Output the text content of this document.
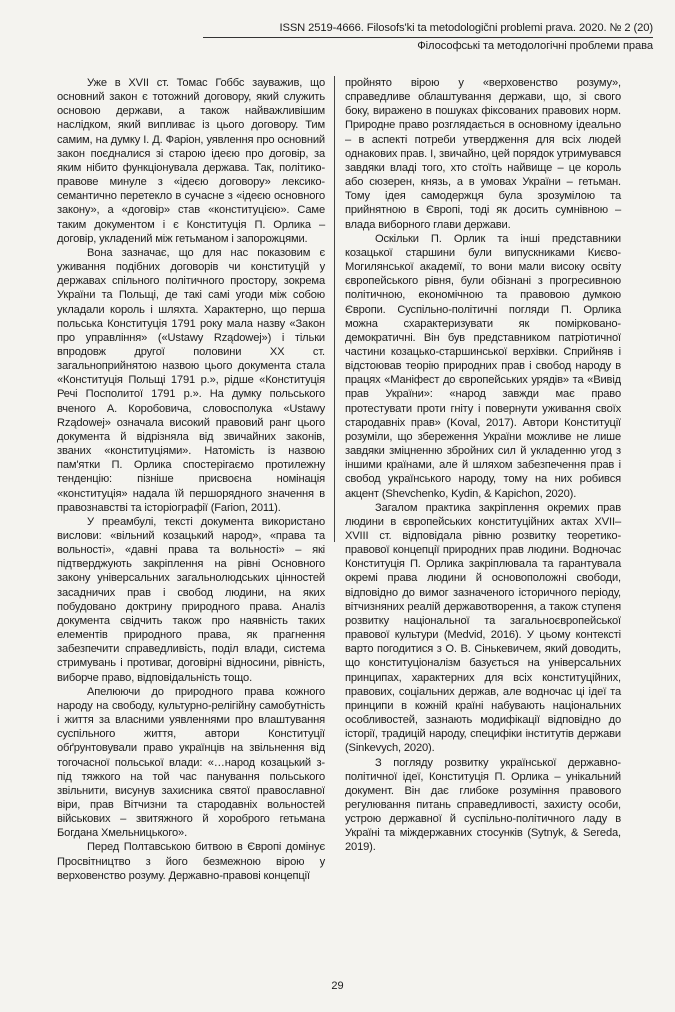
ISSN 2519-4666. Filosofs'ki ta metodologični problemi prava. 2020. № 2 (20)
Філософські та методологічні проблеми права

Уже в XVII ст. Томас Гоббс зауважив, що основний закон є тотожний договору, який служить основою держави, а також найважливішим наслідком, який випливає із цього договору. Тим самим, на думку І. Д. Фаріон, уявлення про основний закон поєдналися зі старою ідеєю про договір, за яким нібито функціонувала держава. Так, політико-правове минуле з «ідеєю договору» лексико-семантично перетекло в сучасне з «ідеєю основного закону», а «договір» став «конституцією». Саме таким документом і є Конституція П. Орлика – договір, укладений між гетьманом і запорожцями.

Вона зазначає, що для нас показовим є уживання подібних договорів чи конституцій у державах спільного політичного простору, зокрема України та Польщі, де такі самі угоди між собою укладали король і шляхта. Характерно, що перша польська Конституція 1791 року мала назву «Закон про управління» («Ustawy Rządowej») і тільки впродовж другої половини XX ст. загальноприйнятою назвою цього документа стала «Конституція Польщі 1791 р.», рідше «Конституція Речі Посполитої 1791 р.». На думку польського вченого А. Коробовича, словосполука «Ustawy Rządowej» означала високий правовий ранг цього документа й відрізняла від звичайних законів, званих «конституціями». Натомість із назвою пам'ятки П. Орлика спостерігаємо протилежну тенденцію: пізніше присвоєна номінація «конституція» надала їй першорядного значення в правознавстві та історіографії (Farion, 2011).

У преамбулі, тексті документа використано вислови: «вільний козацький народ», «права та вольності», «давні права та вольності» – які підтверджують закріплення на рівні Основного закону універсальних загальнолюдських цінностей засадничих прав і свобод людини, на яких побудовано доктрину природного права. Аналіз документа свідчить також про наявність таких елементів природного права, як прагнення забезпечити справедливість, поділ влади, система стримувань і противаг, договірні відносини, рівність, виборче право, відповідальність тощо.

Апелюючи до природного права кожного народу на свободу, культурно-релігійну самобутність і життя за власними уявленнями про влаштування суспільного життя, автори Конституції обґрунтовували право українців на звільнення від тогочасної польської влади: «…народ козацький з-під тяжкого на той час панування польського звільнити, висунув захисника святої православної віри, прав Вітчизни та стародавніх вольностей військових – звитяжного й хороброго гетьмана Богдана Хмельницького».

Перед Полтавською битвою в Європі домінує Просвітництво з його безмежною вірою у верховенство розуму. Державно-правові концепції

пройнято вірою у «верховенство розуму», справедливе облаштування держави, що, зі свого боку, виражено в пошуках фіксованих правових норм. Природне право розглядається в основному ідеально – в аспекті потреби утвердження для всіх людей однакових прав. І, звичайно, цей порядок утримувався завдяки владі того, хто стоїть найвище – це король або сюзерен, князь, а в умовах України – гетьман. Тому ідея самодержця була зрозумілою та прийнятною в Європі, тоді як досить сумнівною – влада виборного глави держави.

Оскільки П. Орлик та інші представники козацької старшини були випускниками Києво-Могилянської академії, то вони мали високу освіту європейського рівня, були обізнані з прогресивною політичною, економічною та правовою думкою Європи. Суспільно-політичні погляди П. Орлика можна схарактеризувати як помірковано-демократичні. Він був представником патріотичної частини козацько-старшинської верхівки. Сприйняв і відстоював теорію природних прав і свобод народу в працях «Маніфест до європейських урядів» та «Вивід прав України»: «народ завжди має право протестувати проти гніту і повернути уживання своїх стародавніх прав» (Koval, 2017). Автори Конституції розуміли, що збереження України можливе не лише завдяки зміцненню збройних сил й укладенню угод з іншими країнами, але й шляхом забезпечення прав і свобод українського народу, тому на них робився акцент (Shevchenko, Kydin, & Kapichon, 2020).

Загалом практика закріплення окремих прав людини в європейських конституційних актах XVII–XVIII ст. відповідала рівню розвитку теоретико-правової концепції природних прав людини. Водночас Конституція П. Орлика закріплювала та гарантувала окремі права людини й основоположні свободи, відповідно до вимог зазначеного історичного періоду, вітчизняних реалій державотворення, а також ступеня розвитку національної та загальноєвропейської правової культури (Medvid, 2016). У цьому контексті варто погодитися з О. В. Сінькевичем, який доводить, що конституціоналізм базується на універсальних принципах, характерних для всіх конституційних, правових, соціальних держав, але водночас ці ідеї та принципи в кожній країні набувають національних особливостей, зазнають модифікації відповідно до історії, традицій народу, специфіки інститутів держави (Sinkevych, 2020).

З погляду розвитку української державно-політичної ідеї, Конституція П. Орлика – унікальний документ. Він дає глибоке розуміння правового регулювання питань справедливості, захисту особи, устрою державної й суспільно-політичного ладу в Україні та міждержавних стосунків (Sytnyk, & Sereda, 2019).

29
